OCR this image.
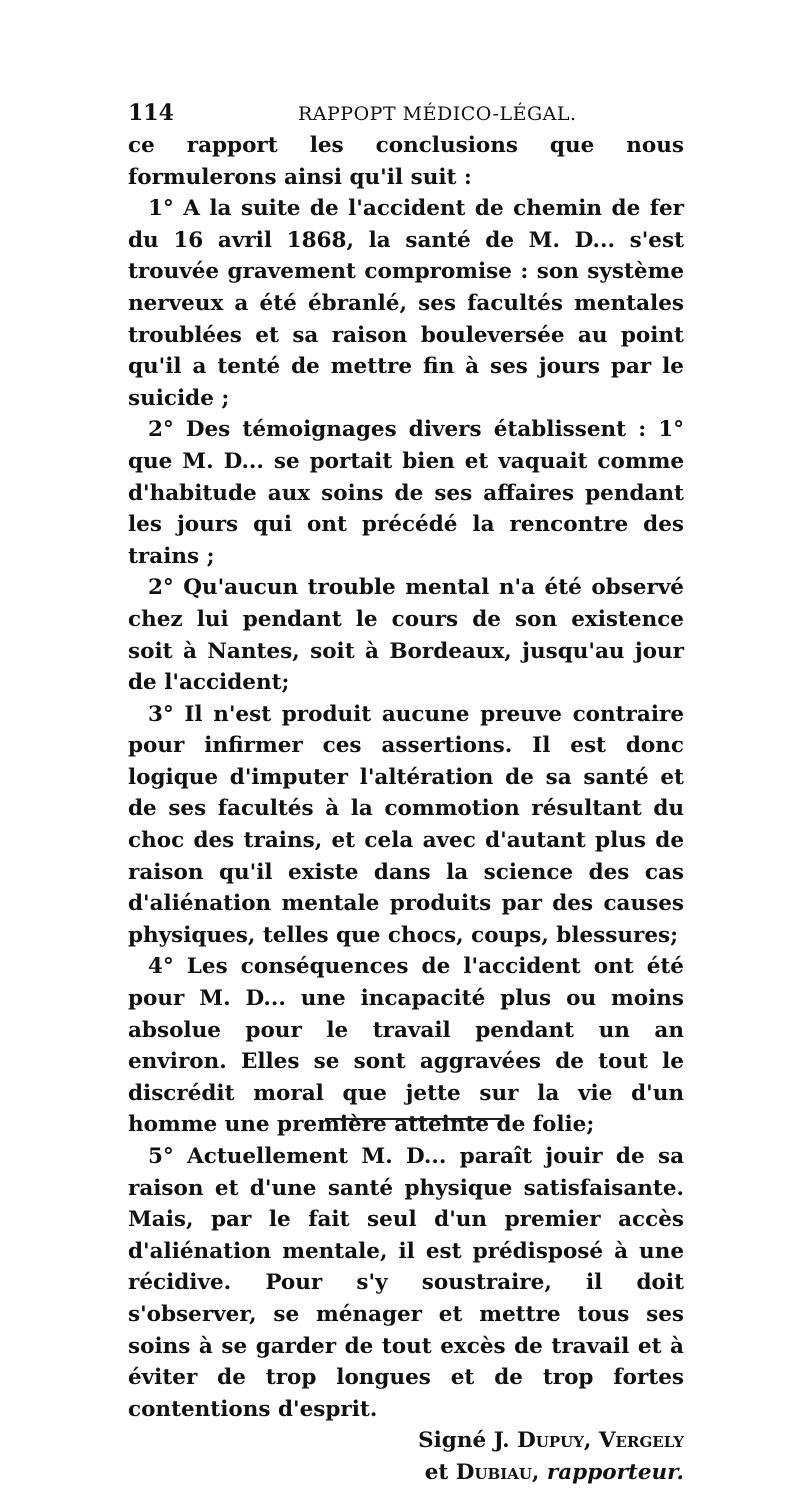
114	RAPPOPT MÉDICO-LÉGAL.

ce rapport les conclusions que nous formulerons ainsi qu'il suit :

1° A la suite de l'accident de chemin de fer du 16 avril 1868, la santé de M. D... s'est trouvée gravement compromise : son système nerveux a été ébranlé, ses facultés mentales troublées et sa raison bouleversée au point qu'il a tenté de mettre fin à ses jours par le suicide ;

2° Des témoignages divers établissent : 1° que M. D... se portait bien et vaquait comme d'habitude aux soins de ses affaires pendant les jours qui ont précédé la rencontre des trains ;

2° Qu'aucun trouble mental n'a été observé chez lui pendant le cours de son existence soit à Nantes, soit à Bordeaux, jusqu'au jour de l'accident;

3° Il n'est produit aucune preuve contraire pour infirmer ces assertions. Il est donc logique d'imputer l'altération de sa santé et de ses facultés à la commotion résultant du choc des trains, et cela avec d'autant plus de raison qu'il existe dans la science des cas d'aliénation mentale produits par des causes physiques, telles que chocs, coups, blessures;

4° Les conséquences de l'accident ont été pour M. D... une incapacité plus ou moins absolue pour le travail pendant un an environ. Elles se sont aggravées de tout le discrédit moral que jette sur la vie d'un homme une première atteinte de folie;

5° Actuellement M. D... paraît jouir de sa raison et d'une santé physique satisfaisante. Mais, par le fait seul d'un premier accès d'aliénation mentale, il est prédisposé à une récidive. Pour s'y soustraire, il doit s'observer, se ménager et mettre tous ses soins à se garder de tout excès de travail et à éviter de trop longues et de trop fortes contentions d'esprit.

Signé J. Dupuy, Vergely

et Dubiau, rapporteur.
